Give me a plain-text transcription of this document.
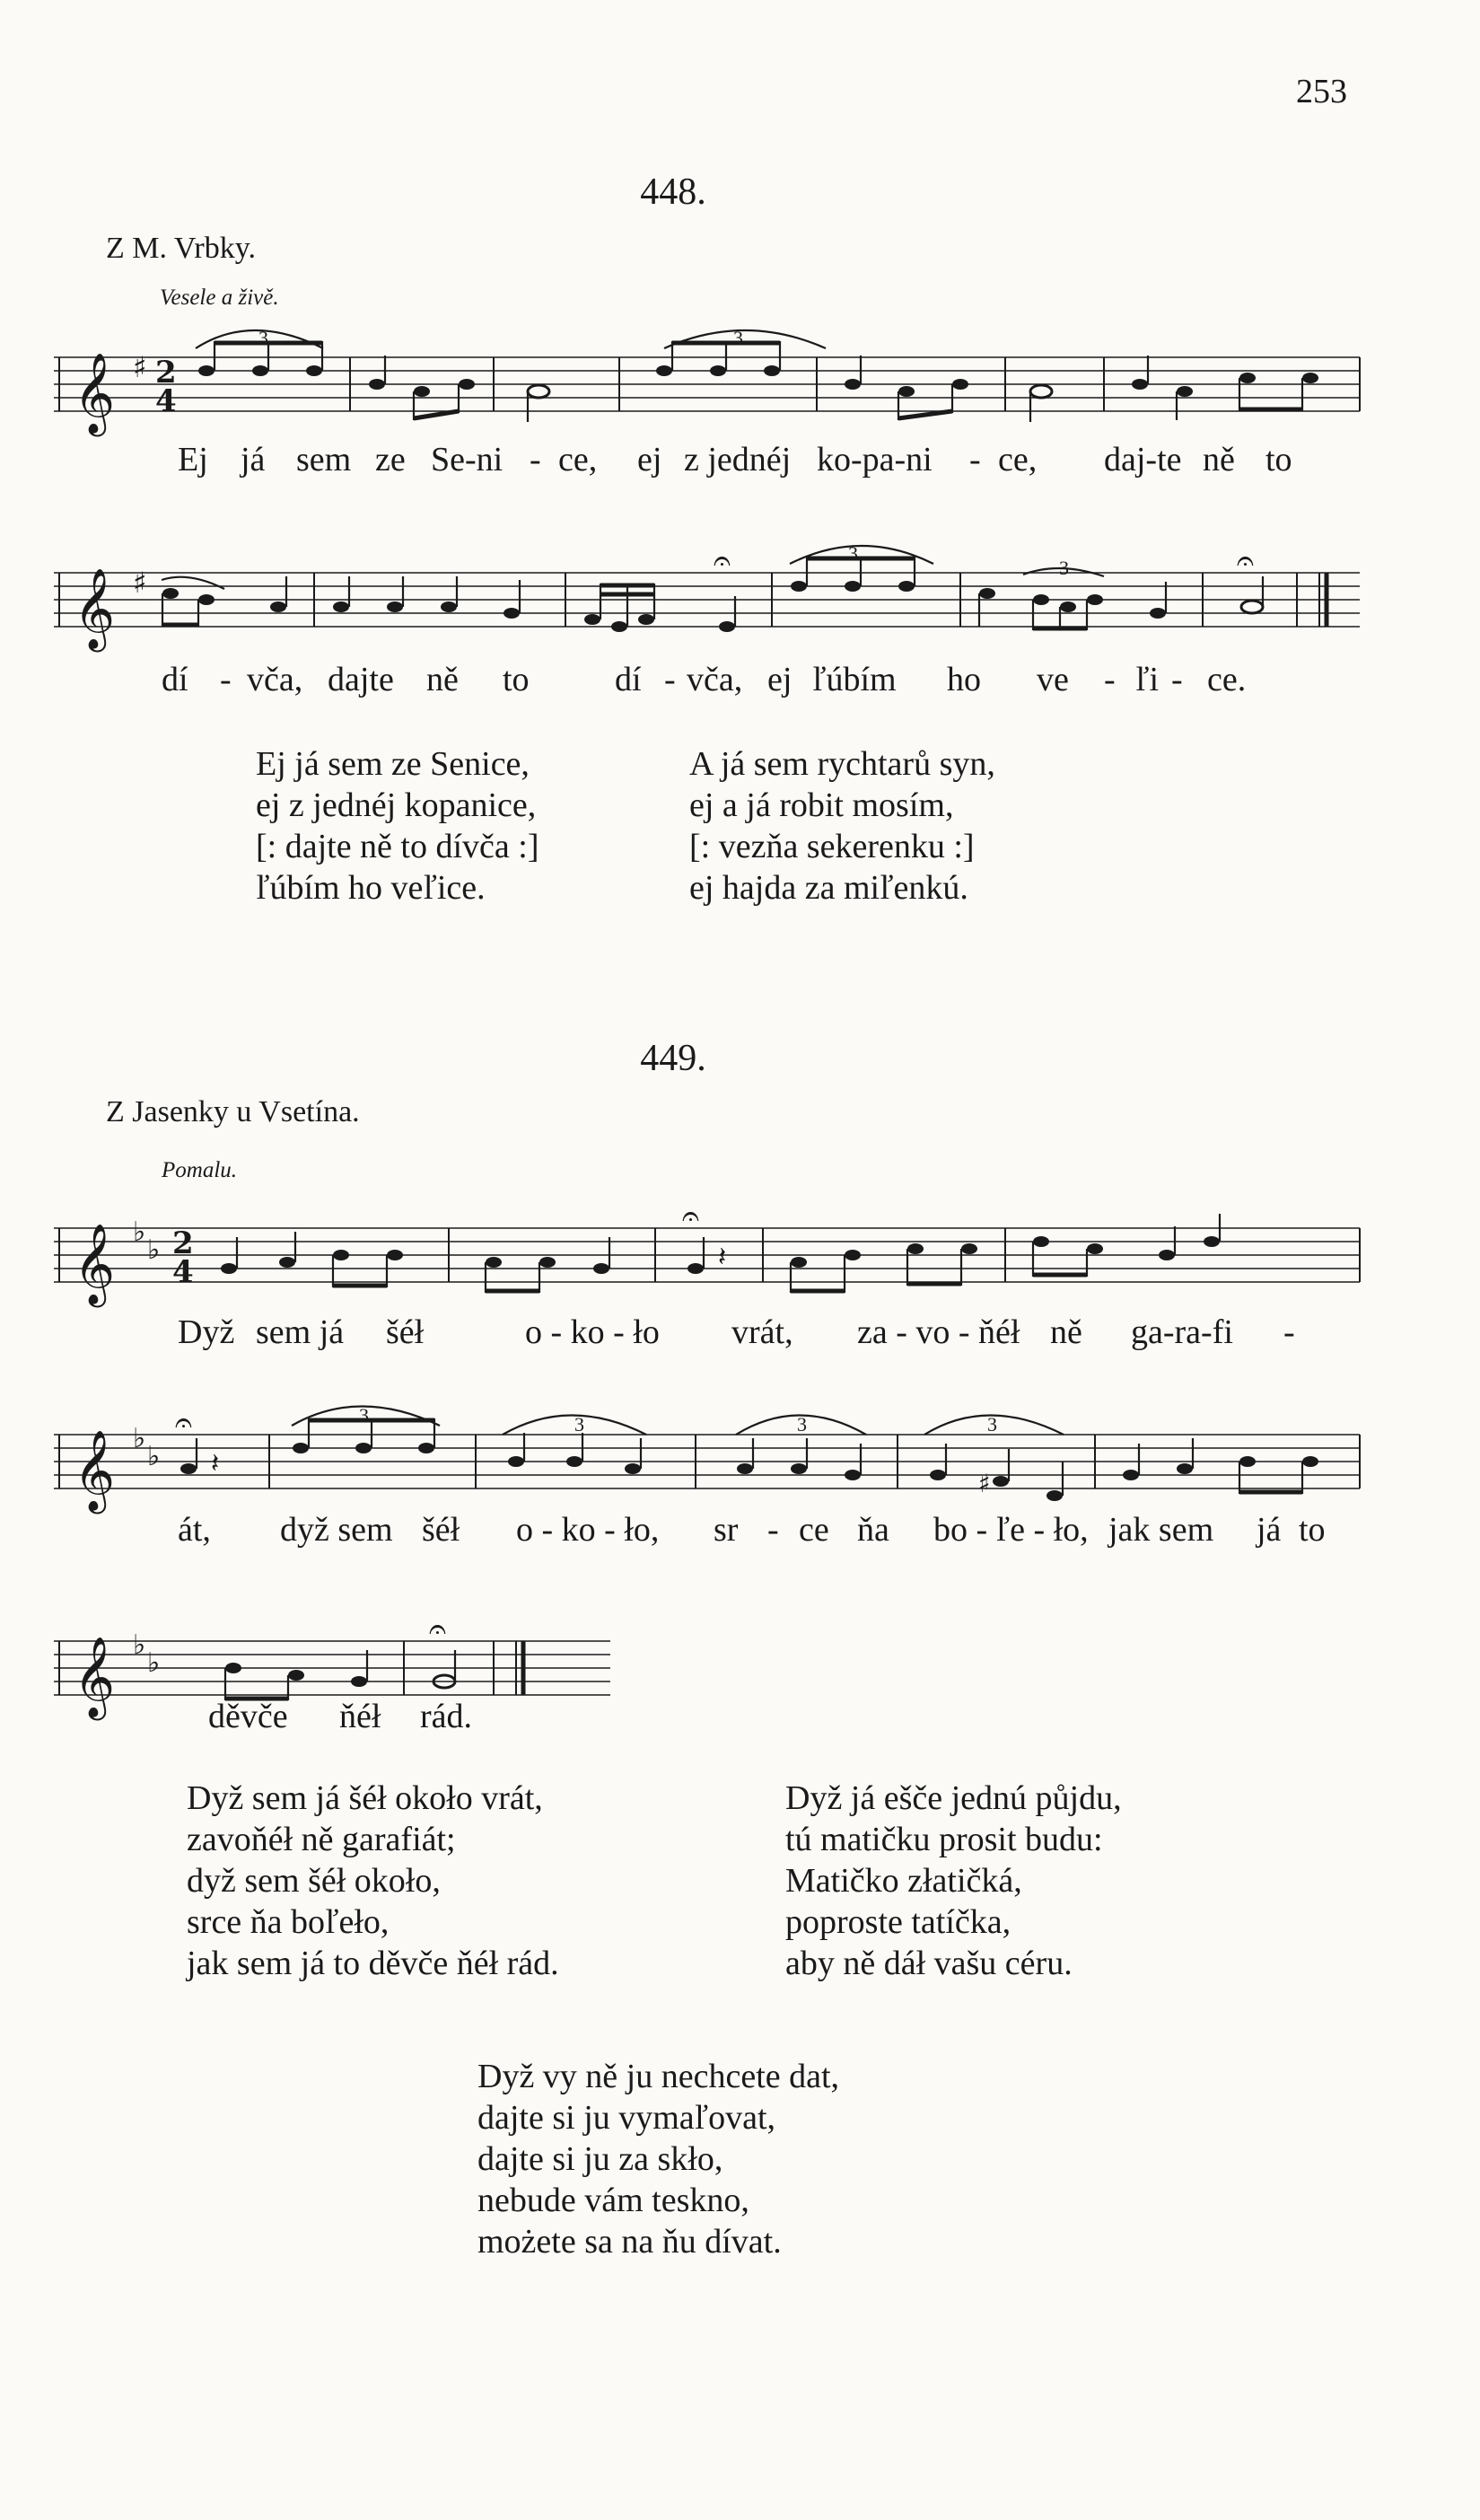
253
448.
Z M. Vrbky.
Vesele a živě.
𝄞 ♯ 2
4
3	3
Ej já sem ze Se-ni - ce, ej z jednéj ko-pa-ni - ce, daj-te ně to
𝄞 ♯
𝄐	3
3	𝄐
dí - vča, dajte ně to	dí - vča, ej ľúbím ho ve - ľi - ce.
Ej já sem ze Senice,
ej z jednéj kopanice,
[: dajte ně to dívča :]
ľúbím ho veľice.
A já sem rychtarů syn,
ej a já robit mosím,
[: vezňa sekerenku :]
ej hajda za miľenkú.
449.
Z Jasenky u Vsetína.
Pomalu.
𝄞 ♭
♭ 2
4
𝄐
𝄽
Dyž sem já šéł	o - ko - ło vrát, za - vo - ňéł ně ga-ra-fi -
𝄞 ♭
♭
𝄐
𝄽
3	3	3	3
♯
át, dyž sem šéł o - ko - ło, sr - ce ňa bo - ľe - ło, jak sem já to
𝄞 ♭
♭
𝄐
děvče ňéł rád.
Dyž sem já šéł około vrát,
zavoňéł ně garafiát;
dyž sem šéł około,
srce ňa boľeło,
jak sem já to děvče ňéł rád.
Dyž já ešče jednú půjdu,
tú matičku prosit budu:
Matičko złatičká,
poproste tatíčka,
aby ně dáł vašu céru.
Dyž vy ně ju nechcete dat,
dajte si ju vymaľovat,
dajte si ju za skło,
nebude vám teskno,
możete sa na ňu dívat.
